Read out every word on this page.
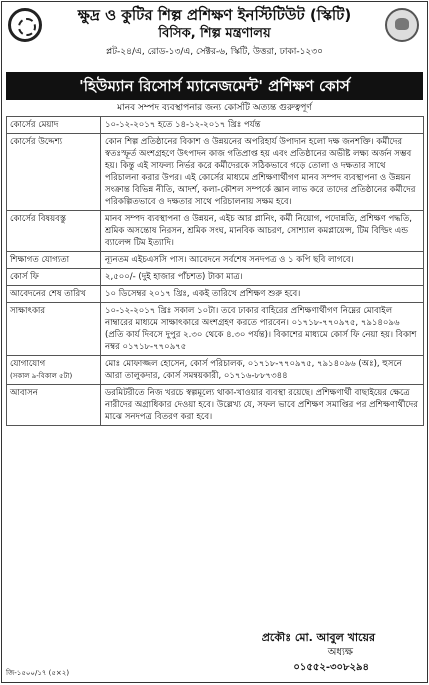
ক্ষুদ্র ও কুটির শিল্প প্রশিক্ষণ ইনস্টিটিউট (স্কিটি)
বিসিক, শিল্প মন্ত্রণালয়
প্লট-২৪/এ, রোড-১৩/এ, সেক্টর-৬, স্কিটি, উত্তরা, ঢাকা-১২৩০
'হিউম্যান রিসোর্স ম্যানেজমেন্ট' প্রশিক্ষণ কোর্স
মানব সম্পদ ব্যবস্থাপনার জন্য কোর্সটি অত্যন্ত গুরুত্বপূর্ণ
কোর্সের মেয়াদ	১০-১২-২০১৭ হতে ১৪-১২-২০১৭ খ্রিঃ পর্যন্ত
কোর্সের উদ্দেশ্য	কোন শিল্প প্রতিষ্ঠানের বিকাশ ও উন্নয়নের অপরিহার্য উপাদান হলো দক্ষ জনশক্তি। কর্মীদের স্বতঃস্ফূর্ত অংশগ্রহণে উৎপাদন কাজ গতিপ্রাপ্ত হয় এবং প্রতিষ্ঠানের অভীষ্ট লক্ষ্য অর্জন সম্ভব হয়। কিন্তু এই সাফল্য নির্ভর করে কর্মীদেরকে সঠিকভাবে গড়ে তোলা ও দক্ষতার সাথে পরিচালনা করার উপর। এই কোর্সের মাধ্যমে প্রশিক্ষণার্থীগণ মানব সম্পদ ব্যবস্থাপনা ও উন্নয়ন সংক্রান্ত বিভিন্ন নীতি, আদর্শ, কলা-কৌশল সম্পর্কে জ্ঞান লাভ করে তাদের প্রতিষ্ঠানের কর্মীদের পরিকল্পিতভাবে ও দক্ষতার সাথে পরিচালনায় সক্ষম হবে।
কোর্সের বিষয়বস্তু	মানব সম্পদ ব্যবস্থাপনা ও উন্নয়ন, এইচ আর প্লানিং, কর্মী নিয়োগ, পদোন্নতি, প্রশিক্ষণ পদ্ধতি, শ্রমিক অসন্তোষ নিরসন, শ্রমিক সংঘ, মানবিক আচরণ, সোশ্যাল কমপ্লায়েন্স, টিম বিল্ডিং এন্ড ব্যালেন্স টিম ইত্যাদি।
শিক্ষাগত যোগ্যতা	ন্যূনতম এইচএসসি পাস। আবেদনে সর্বশেষ সনদপত্র ও ১ কপি ছবি লাগবে।
কোর্স ফি	২,৫০০/- (দুই হাজার পাঁচশত) টাকা মাত্র।
আবেদনের শেষ তারিখ	১০ ডিসেম্বর ২০১৭ খ্রিঃ, একই তারিখে প্রশিক্ষণ শুরু হবে।
সাক্ষাৎকার	১০-১২-২০১৭ খ্রিঃ সকাল ১০টা। তবে ঢাকার বাহিরের প্রশিক্ষণার্থীগণ নিম্নের মোবাইল নাম্বারের মাধ্যমে সাক্ষাৎকারে অংশগ্রহণ করতে পারবেন। ০১৭১৮-৭৭০৯৭৫, ৭৯১৪০৯৬ (প্রতি কার্য দিবসে দুপুর ২.৩০ থেকে ৪.৩০ পর্যন্ত)। বিকাশের মাধ্যমে কোর্স ফি নেয়া হয়। বিকাশ নম্বর ০১৭১৮-৭৭০৯৭৫
যোগাযোগ
(সকাল ৯-বিকাল ৫টা)	মোঃ মোফাজ্জল হোসেন, কোর্স পরিচালক, ০১৭১৮-৭৭০৯৭৫, ৭৯১৪০৯৬ (অঃ), হুসনে আরা তালুকদার, কোর্স সমন্বয়কারী, ০১৭১৬-৮৮৭৩৪৪
আবাসন	ডরমিটরীতে নিজ খরচে স্বল্পমূল্যে থাকা-খাওয়ার ব্যবস্থা রয়েছে। প্রশিক্ষণার্থী বাছাইয়ের ক্ষেত্রে নারীদের অগ্রাধিকার দেওয়া হবে। উল্লেখ্য যে, সফল ভাবে প্রশিক্ষণ সমাপ্তির পর প্রশিক্ষণার্থীদের মাঝে সনদপত্র বিতরণ করা হবে।
প্রকৌঃ মো. আবুল খায়ের
অধ্যক্ষ
০১৫৫২-৩০৮২৯৪
জি-১৫০০/১৭ (৫×২)
